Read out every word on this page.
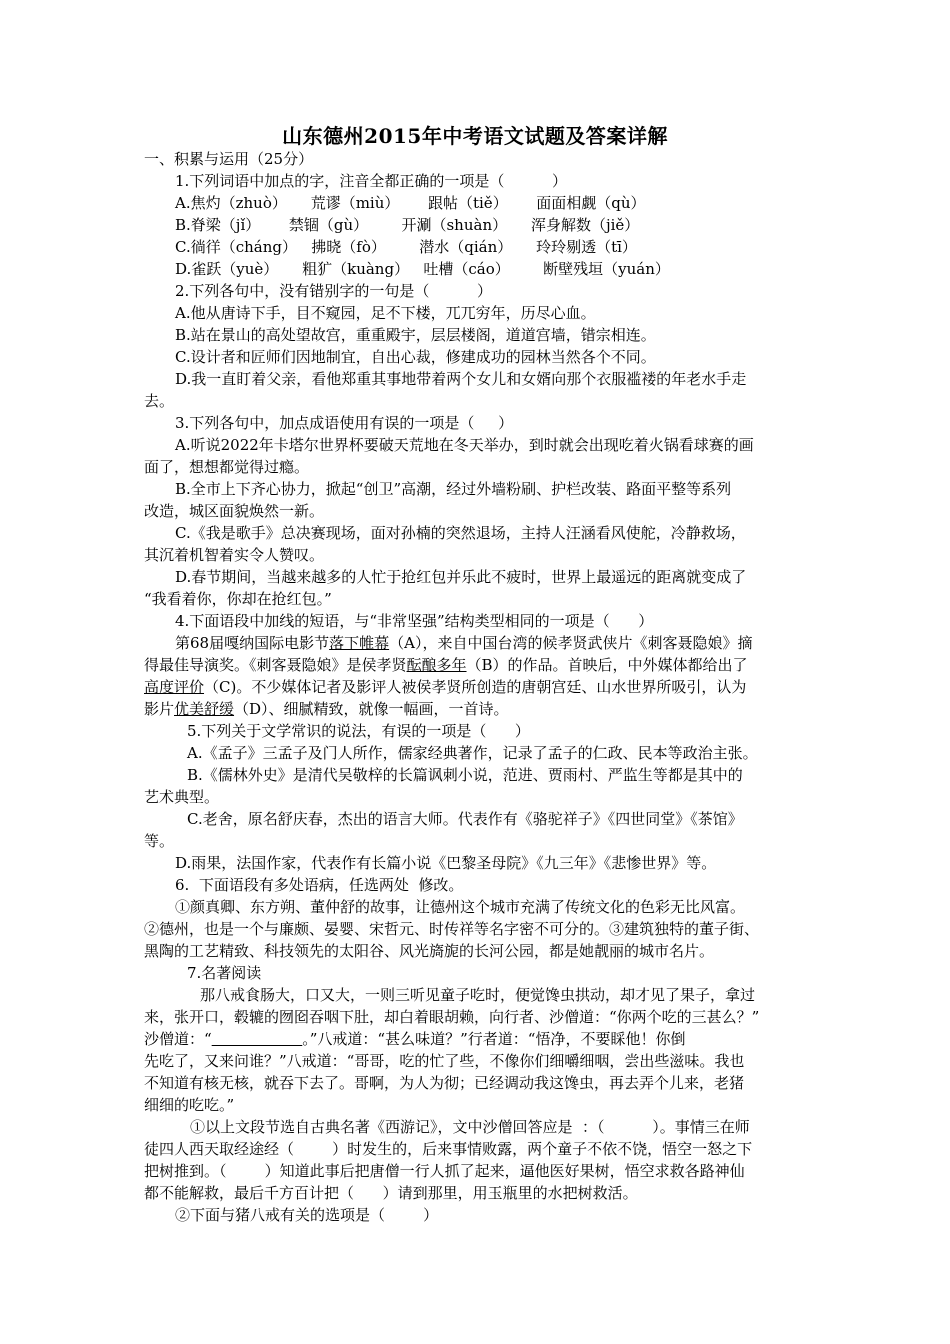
山东德州2015年中考语文试题及答案详解
一、积累与运用（25分）
1.下列词语中加点的字，注音全都正确的一项是（          ）
A.焦灼（zhuò）     荒谬（miù）      跟帖（tiě）      面面相觑（qù）
B.脊梁（jǐ）      禁锢（gù）       开涮（shuàn）     浑身解数（jiě）
C.徜徉（cháng）   拂晓（fò）       潜水（qián）     玲玲剔透（tī）
D.雀跃（yuè）     粗犷（kuàng）   吐槽（cáo）       断壁残垣（yuán）
2.下列各句中，没有错别字的一句是（          ）
A.他从唐诗下手，目不窥园，足不下楼，兀兀穷年，历尽心血。
B.站在景山的高处望故宫，重重殿宇，层层楼阁，道道宫墙，错宗相连。
C.设计者和匠师们因地制宜，自出心裁，修建成功的园林当然各个不同。
D.我一直盯着父亲，看他郑重其事地带着两个女儿和女婿向那个衣服褴褛的年老水手走
去。
3.下列各句中，加点成语使用有误的一项是（     ）
A.听说2022年卡塔尔世界杯要破天荒地在冬天举办，到时就会出现吃着火锅看球赛的画
面了，想想都觉得过瘾。
B.全市上下齐心协力，掀起“创卫”高潮，经过外墙粉刷、护栏改装、路面平整等系列
改造，城区面貌焕然一新。
C.《我是歌手》总决赛现场，面对孙楠的突然退场，主持人汪涵看风使舵，冷静救场，
其沉着机智着实令人赞叹。
D.春节期间，当越来越多的人忙于抢红包并乐此不疲时，世界上最遥远的距离就变成了
“我看着你，你却在抢红包。”
4.下面语段中加线的短语，与“非常坚强”结构类型相同的一项是（      ）
第68届嘎纳国际电影节落下帷幕（A），来自中国台湾的候孝贤武侠片《刺客聂隐娘》摘
得最佳导演奖。《刺客聂隐娘》是侯孝贤酝酿多年（B）的作品。首映后，中外媒体都给出了
高度评价（C)。不少媒体记者及影评人被侯孝贤所创造的唐朝宫廷、山水世界所吸引，认为
影片优美舒缓（D）、细腻精致，就像一幅画，一首诗。
5.下列关于文学常识的说法，有误的一项是（      ）
A.《孟子》三孟子及门人所作，儒家经典著作，记录了孟子的仁政、民本等政治主张。
B.《儒林外史》是清代吴敬梓的长篇讽刺小说，范进、贾雨村、严监生等都是其中的
艺术典型。
C.老舍，原名舒庆春，杰出的语言大师。代表作有《骆驼祥子》《四世同堂》《茶馆》
等。
D.雨果，法国作家，代表作有长篇小说《巴黎圣母院》《九三年》《悲惨世界》等。
6.  下面语段有多处语病，任选两处  修改。
①颜真卿、东方朔、董仲舒的故事，让德州这个城市充满了传统文化的色彩无比风富。
②德州，也是一个与廉颇、晏婴、宋哲元、时传祥等名字密不可分的。③建筑独特的董子街、
黑陶的工艺精致、科技领先的太阳谷、风光旖旎的长河公园，都是她靓丽的城市名片。
7.名著阅读
那八戒食肠大，口又大，一则三听见童子吃时，便觉馋虫拱动，却才见了果子，拿过
来，张开口，毂辘的囫囵吞咽下肚，却白着眼胡赖，向行者、沙僧道：“你两个吃的三甚么？”
沙僧道：“	。”八戒道：“甚么味道？”行者道：“悟净，不要睬他！你倒
先吃了，又来问谁？”八戒道：“哥哥，吃的忙了些，不像你们细嚼细咽，尝出些滋味。我也
不知道有核无核，就吞下去了。哥啊，为人为彻；已经调动我这馋虫，再去弄个儿来，老猪
细细的吃吃。”
①以上文段节选自古典名著《西游记》，文中沙僧回答应是  ：（          ）。事情三在师
徒四人西天取经途经（        ）时发生的，后来事情败露，两个童子不依不饶，悟空一怒之下
把树推到。（        ）知道此事后把唐僧一行人抓了起来，逼他医好果树，悟空求救各路神仙
都不能解救，最后千方百计把（      ）请到那里，用玉瓶里的水把树救活。
②下面与猪八戒有关的选项是（        ）
